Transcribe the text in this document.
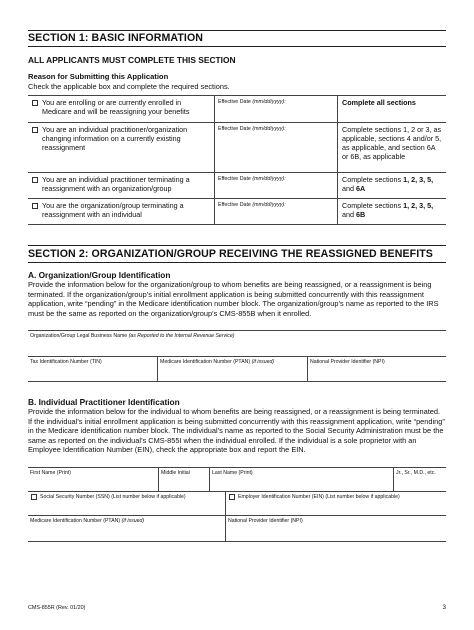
SECTION 1: BASIC INFORMATION
ALL APPLICANTS MUST COMPLETE THIS SECTION
Reason for Submitting this Application
Check the applicable box and complete the required sections.
You are enrolling or are currently enrolled in Medicare and will be reassigning your benefits
Effective Date (mm/dd/yyyy):	Complete all sections
You are an individual practitioner/organization changing information on a currently existing reassignment
Effective Date (mm/dd/yyyy):	Complete sections 1, 2 or 3, as applicable, sections 4 and/or 5, as applicable, and section 6A or 6B, as applicable
You are an individual practitioner terminating a reassignment with an organization/group
Effective Date (mm/dd/yyyy):	Complete sections 1, 2, 3, 5, and 6A
You are the organization/group terminating a reassignment with an individual
Effective Date (mm/dd/yyyy):	Complete sections 1, 2, 3, 5, and 6B
SECTION 2: ORGANIZATION/GROUP RECEIVING THE REASSIGNED BENEFITS
A. Organization/Group Identification
Provide the information below for the organization/group to whom benefits are being reassigned, or a reassignment is being terminated. If the organization/group’s initial enrollment application is being submitted concurrently with this reassignment application, write “pending” in the Medicare identification number block. The organization/group’s name as reported to the IRS must be the same as reported on the organization/group’s CMS-855B when it enrolled.
Organization/Group Legal Business Name (as Reported to the Internal Revenue Service)
Tax Identification Number (TIN)	Medicare Identification Number (PTAN) (if issued)	National Provider Identifier (NPI)
B. Individual Practitioner Identification
Provide the information below for the individual to whom benefits are being reassigned, or a reassignment is being terminated. If the individual’s initial enrollment application is being submitted concurrently with this reassignment application, write “pending” in the Medicare identification number block. The individual’s name as reported to the Social Security Administration must be the same as reported on the individual’s CMS-855I when the individual enrolled. If the individual is a sole proprietor with an Employee Identification Number (EIN), check the appropriate box and report the EIN.
First Name (Print)	Middle Initial	Last Name (Print)	Jr., Sr., M.D., etc.
Social Security Number (SSN) (List number below if applicable)	Employer Identification Number (EIN) (List number below if applicable)
Medicare Identification Number (PTAN) (if issued)	National Provider Identifier (NPI)
CMS-855R (Rev. 01/20)	3
